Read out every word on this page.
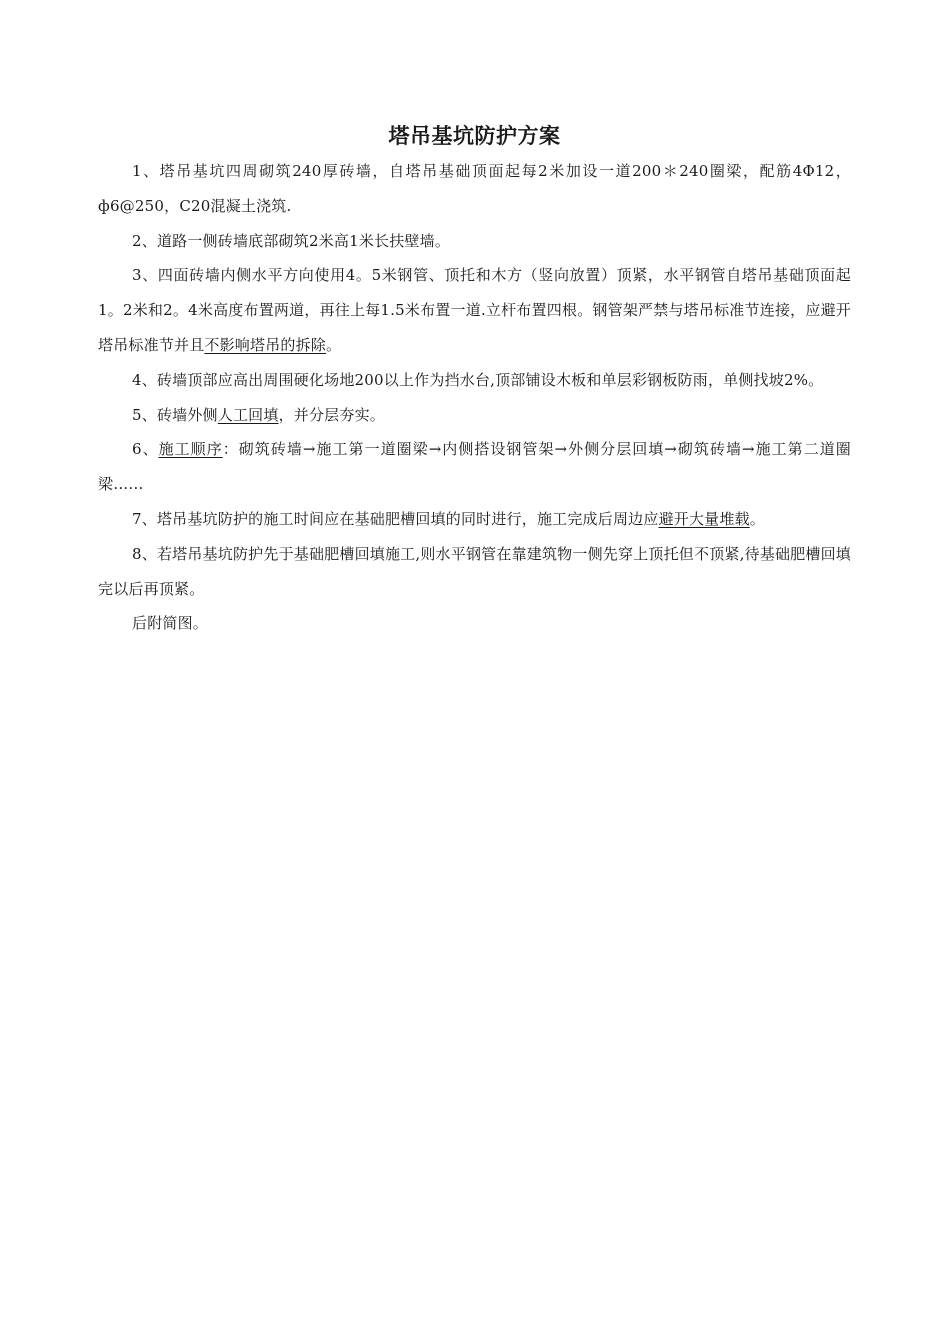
塔吊基坑防护方案

1、塔吊基坑四周砌筑240厚砖墙，自塔吊基础顶面起每2米加设一道200＊240圈梁，配筋4Φ12，ф6@250，C20混凝土浇筑.

2、道路一侧砖墙底部砌筑2米高1米长扶壁墙。

3、四面砖墙内侧水平方向使用4。5米钢管、顶托和木方（竖向放置）顶紧，水平钢管自塔吊基础顶面起1。2米和2。4米高度布置两道，再往上每1.5米布置一道.立杆布置四根。钢管架严禁与塔吊标准节连接，应避开塔吊标准节并且不影响塔吊的拆除。

4、砖墙顶部应高出周围硬化场地200以上作为挡水台,顶部铺设木板和单层彩钢板防雨，单侧找坡2%。

5、砖墙外侧人工回填，并分层夯实。

6、施工顺序：砌筑砖墙→施工第一道圈梁→内侧搭设钢管架→外侧分层回填→砌筑砖墙→施工第二道圈梁……

7、塔吊基坑防护的施工时间应在基础肥槽回填的同时进行，施工完成后周边应避开大量堆载。

8、若塔吊基坑防护先于基础肥槽回填施工,则水平钢管在靠建筑物一侧先穿上顶托但不顶紧,待基础肥槽回填完以后再顶紧。

后附简图。
